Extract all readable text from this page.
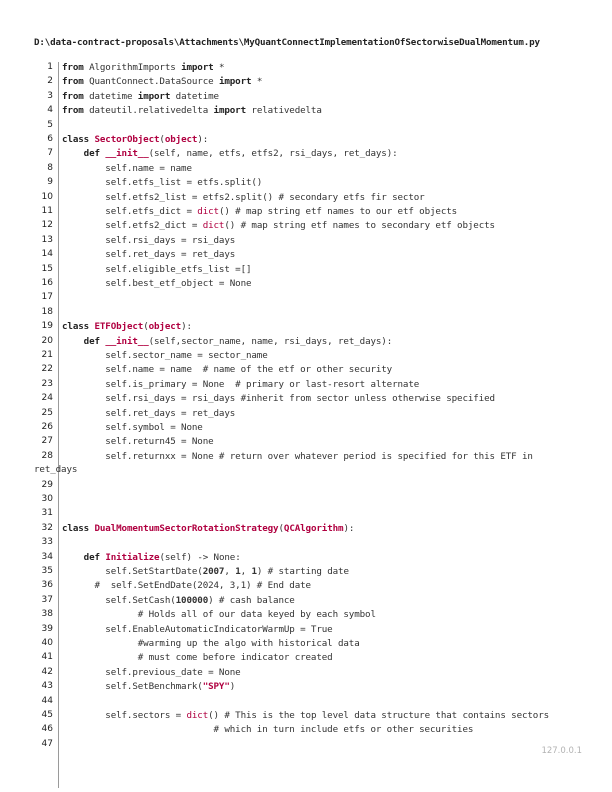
D:\data-contract-proposals\Attachments\MyQuantConnectImplementationOfSectorwiseDualMomentum.py
1 from AlgorithmImports import *
2 from QuantConnect.DataSource import *
3 from datetime import datetime
4 from dateutil.relativedelta import relativedelta
5
6 class SectorObject(object):
7	def __init__(self, name, etfs, etfs2, rsi_days, ret_days):
8 self.name = name
9 self.etfs_list = etfs.split()
10 self.etfs2_list = etfs2.split() # secondary etfs fir sector
11 self.etfs_dict = dict() # map string etf names to our etf objects
12 self.etfs2_dict = dict() # map string etf names to secondary etf objects
13 self.rsi_days = rsi_days
14 self.ret_days = ret_days
15 self.eligible_etfs_list =[]
16 self.best_etf_object = None
17
18
19 class ETFObject(object):
20	def __init__(self,sector_name, name, rsi_days, ret_days):
21 self.sector_name = sector_name
22 self.name = name  # name of the etf or other security
23 self.is_primary = None  # primary or last-resort alternate
24 self.rsi_days = rsi_days #inherit from sector unless otherwise specified
25 self.ret_days = ret_days
26 self.symbol = None
27 self.return45 = None
28 self.returnxx = None # return over whatever period is specified for this ETF in
ret_days
29
30
31
32 class DualMomentumSectorRotationStrategy(QCAlgorithm):
33
34	def Initialize(self) -> None:
35 self.SetStartDate(2007, 1, 1) # starting date
36 #  self.SetEndDate(2024, 3,1) # End date
37 self.SetCash(100000) # cash balance
38 # Holds all of our data keyed by each symbol
39 self.EnableAutomaticIndicatorWarmUp = True
40 #warming up the algo with historical data
41 # must come before indicator created
42 self.previous_date = None
43 self.SetBenchmark("SPY")
44
45 self.sectors = dict() # This is the top level data structure that contains sectors
46 # which in turn include etfs or other securities
47
127.0.0.1
